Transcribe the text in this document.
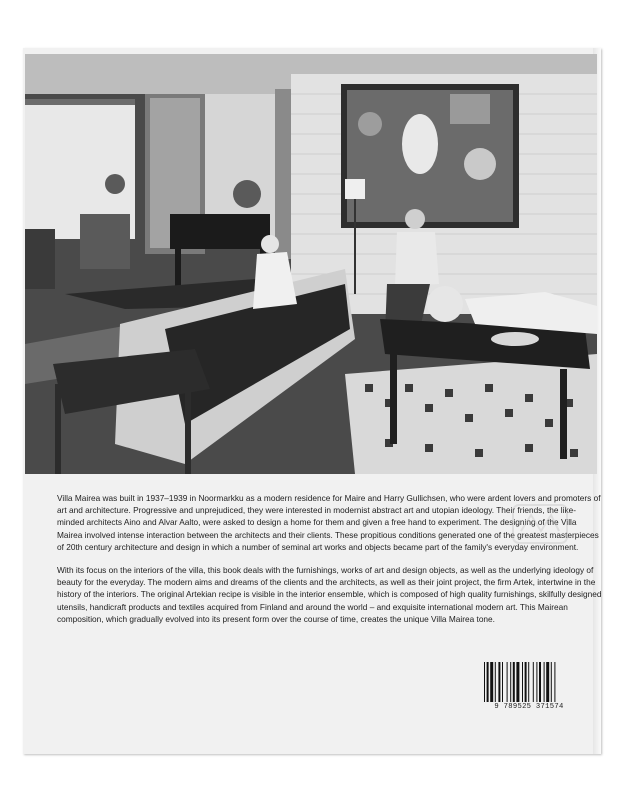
Villa Mairea was built in 1937–1939 in Noormarkku as a modern residence for Maire and Harry Gullichsen, who were ardent lovers and promoters of art and architecture. Progressive and unprejudiced, they were interested in modernist abstract art and utopian ideology. Their friends, the like-minded architects Aino and Alvar Aalto, were asked to design a home for them and given a free hand to experiment. The designing of the Villa Mairea involved intense interaction between the architects and their clients. These propitious conditions generated one of the greatest masterpieces of 20th century architecture and design in which a number of seminal art works and objects became part of the family's everyday environment.

With its focus on the interiors of the villa, this book deals with the furnishings, works of art and design objects, as well as the underlying ideology of beauty for the everyday. The modern aims and dreams of the clients and the architects, as well as their joint project, the firm Artek, intertwine in the history of the interiors. The original Artekian recipe is visible in the interior ensemble, which is composed of high quality furnishings, skilfully designed utensils, handicraft products and textiles acquired from Finland and around the world – and exquisite international modern art. This Mairean composition, which gradually evolved into its present form over the course of time, creates the unique Villa Mairea tone.

9 789525 371574
